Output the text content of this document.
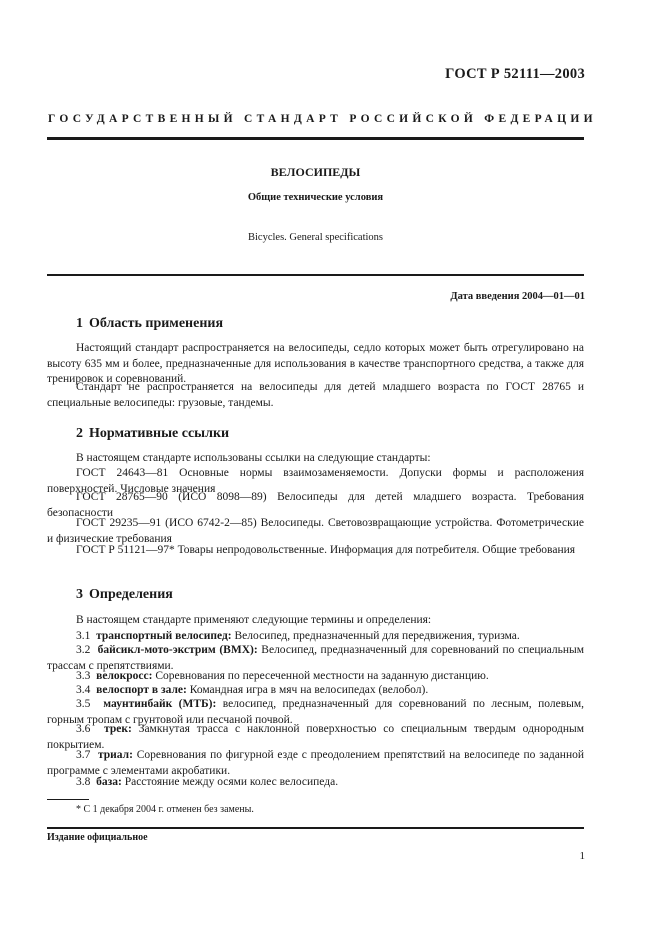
ГОСТ Р 52111—2003
ГОСУДАРСТВЕННЫЙ СТАНДАРТ РОССИЙСКОЙ ФЕДЕРАЦИИ
ВЕЛОСИПЕДЫ
Общие технические условия
Bicycles. General specifications
Дата введения 2004—01—01
1 Область применения
Настоящий стандарт распространяется на велосипеды, седло которых может быть отрегулировано на высоту 635 мм и более, предназначенные для использования в качестве транспортного средства, а также для тренировок и соревнований.
Стандарт не распространяется на велосипеды для детей младшего возраста по ГОСТ 28765 и специальные велосипеды: грузовые, тандемы.
2 Нормативные ссылки
В настоящем стандарте использованы ссылки на следующие стандарты:
ГОСТ 24643—81 Основные нормы взаимозаменяемости. Допуски формы и расположения поверхностей. Числовые значения
ГОСТ 28765—90 (ИСО 8098—89) Велосипеды для детей младшего возраста. Требования безопасности
ГОСТ 29235—91 (ИСО 6742-2—85) Велосипеды. Световозвращающие устройства. Фотометрические и физические требования
ГОСТ Р 51121—97* Товары непродовольственные. Информация для потребителя. Общие требования
3 Определения
В настоящем стандарте применяют следующие термины и определения:
3.1 транспортный велосипед: Велосипед, предназначенный для передвижения, туризма.
3.2 байсикл-мото-экстрим (ВМХ): Велосипед, предназначенный для соревнований по специальным трассам с препятствиями.
3.3 велокросс: Соревнования по пересеченной местности на заданную дистанцию.
3.4 велоспорт в зале: Командная игра в мяч на велосипедах (велобол).
3.5 маунтинбайк (МТБ): велосипед, предназначенный для соревнований по лесным, полевым, горным тропам с грунтовой или песчаной почвой.
3.6 трек: Замкнутая трасса с наклонной поверхностью со специальным твердым однородным покрытием.
3.7 триал: Соревнования по фигурной езде с преодолением препятствий на велосипеде по заданной программе с элементами акробатики.
3.8 база: Расстояние между осями колес велосипеда.
* С 1 декабря 2004 г. отменен без замены.
Издание официальное
1
